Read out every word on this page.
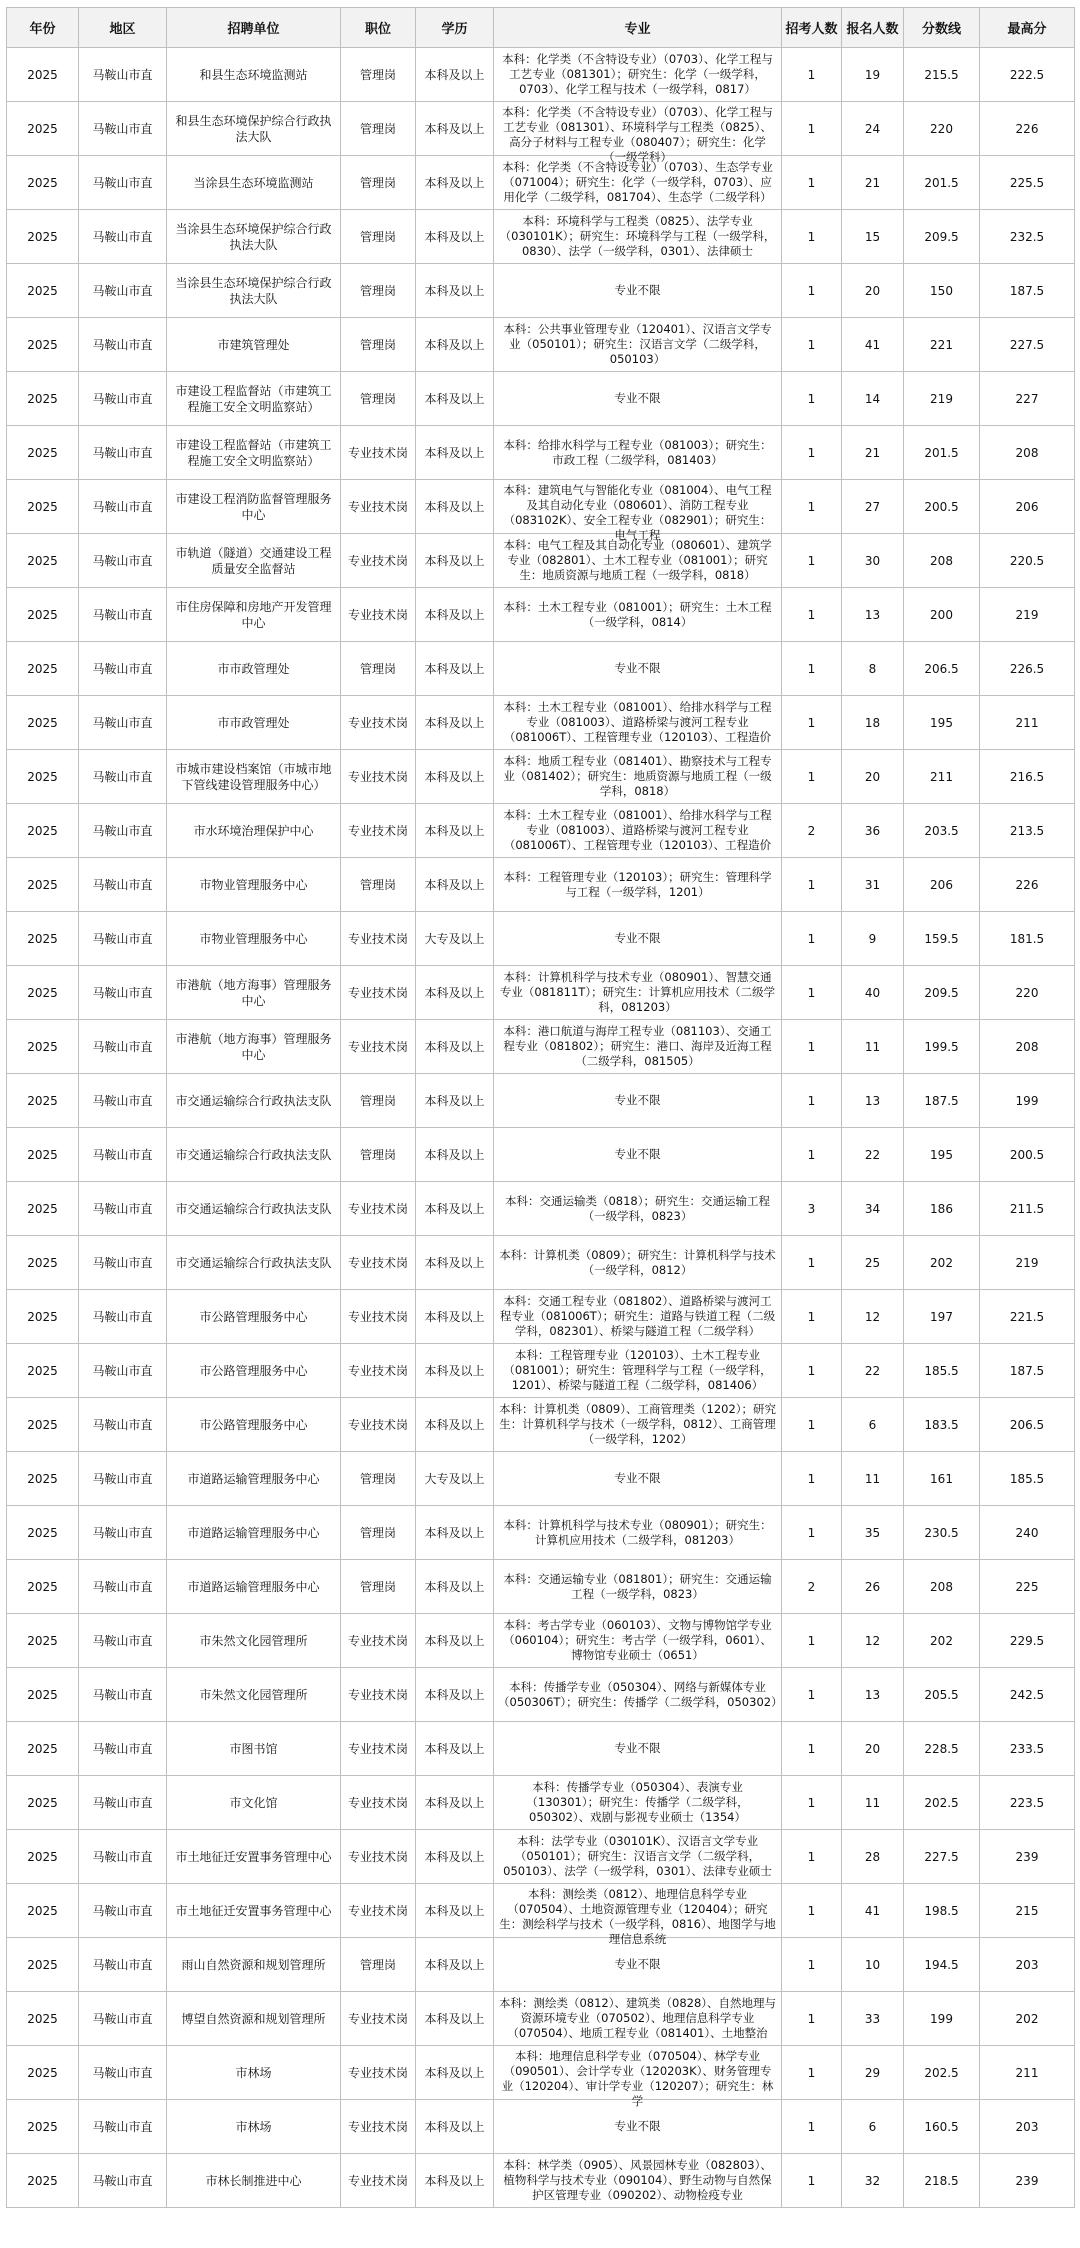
年份	地区	招聘单位	职位	学历	专业	招考人数	报名人数	分数线	最高分
2025	马鞍山市直	和县生态环境监测站	管理岗	本科及以上	本科：化学类（不含特设专业）（0703）、化学工程与工艺专业（081301）；研究生：化学（一级学科，0703）、化学工程与技术（一级学科，0817）	1	19	215.5	222.5
2025	马鞍山市直	和县生态环境保护综合行政执法大队	管理岗	本科及以上	本科：化学类（不含特设专业）（0703）、化学工程与工艺专业（081301）、环境科学与工程类（0825）、高分子材料与工程专业（080407）；研究生：化学（一级学科）	1	24	220	226
2025	马鞍山市直	当涂县生态环境监测站	管理岗	本科及以上	本科：化学类（不含特设专业）（0703）、生态学专业（071004）；研究生：化学（一级学科，0703）、应用化学（二级学科，081704）、生态学（二级学科）	1	21	201.5	225.5
2025	马鞍山市直	当涂县生态环境保护综合行政执法大队	管理岗	本科及以上	本科：环境科学与工程类（0825）、法学专业（030101K）；研究生：环境科学与工程（一级学科，0830）、法学（一级学科，0301）、法律硕士	1	15	209.5	232.5
2025	马鞍山市直	当涂县生态环境保护综合行政执法大队	管理岗	本科及以上	专业不限	1	20	150	187.5
2025	马鞍山市直	市建筑管理处	管理岗	本科及以上	本科：公共事业管理专业（120401）、汉语言文学专业（050101）；研究生：汉语言文学（二级学科，050103）	1	41	221	227.5
2025	马鞍山市直	市建设工程监督站（市建筑工程施工安全文明监察站）	管理岗	本科及以上	专业不限	1	14	219	227
2025	马鞍山市直	市建设工程监督站（市建筑工程施工安全文明监察站）	专业技术岗	本科及以上	本科：给排水科学与工程专业（081003）；研究生：市政工程（二级学科，081403）	1	21	201.5	208
2025	马鞍山市直	市建设工程消防监督管理服务中心	专业技术岗	本科及以上	本科：建筑电气与智能化专业（081004）、电气工程及其自动化专业（080601）、消防工程专业（083102K）、安全工程专业（082901）；研究生：电气工程	1	27	200.5	206
2025	马鞍山市直	市轨道（隧道）交通建设工程质量安全监督站	专业技术岗	本科及以上	本科：电气工程及其自动化专业（080601）、建筑学专业（082801）、土木工程专业（081001）；研究生：地质资源与地质工程（一级学科，0818）	1	30	208	220.5
2025	马鞍山市直	市住房保障和房地产开发管理中心	专业技术岗	本科及以上	本科：土木工程专业（081001）；研究生：土木工程（一级学科，0814）	1	13	200	219
2025	马鞍山市直	市市政管理处	管理岗	本科及以上	专业不限	1	8	206.5	226.5
2025	马鞍山市直	市市政管理处	专业技术岗	本科及以上	本科：土木工程专业（081001）、给排水科学与工程专业（081003）、道路桥梁与渡河工程专业（081006T）、工程管理专业（120103）、工程造价	1	18	195	211
2025	马鞍山市直	市城市建设档案馆（市城市地下管线建设管理服务中心）	专业技术岗	本科及以上	本科：地质工程专业（081401）、勘察技术与工程专业（081402）；研究生：地质资源与地质工程（一级学科，0818）	1	20	211	216.5
2025	马鞍山市直	市水环境治理保护中心	专业技术岗	本科及以上	本科：土木工程专业（081001）、给排水科学与工程专业（081003）、道路桥梁与渡河工程专业（081006T）、工程管理专业（120103）、工程造价	2	36	203.5	213.5
2025	马鞍山市直	市物业管理服务中心	管理岗	本科及以上	本科：工程管理专业（120103）；研究生：管理科学与工程（一级学科，1201）	1	31	206	226
2025	马鞍山市直	市物业管理服务中心	专业技术岗	大专及以上	专业不限	1	9	159.5	181.5
2025	马鞍山市直	市港航（地方海事）管理服务中心	专业技术岗	本科及以上	本科：计算机科学与技术专业（080901）、智慧交通专业（081811T）；研究生：计算机应用技术（二级学科，081203）	1	40	209.5	220
2025	马鞍山市直	市港航（地方海事）管理服务中心	专业技术岗	本科及以上	本科：港口航道与海岸工程专业（081103）、交通工程专业（081802）；研究生：港口、海岸及近海工程（二级学科，081505）	1	11	199.5	208
2025	马鞍山市直	市交通运输综合行政执法支队	管理岗	本科及以上	专业不限	1	13	187.5	199
2025	马鞍山市直	市交通运输综合行政执法支队	管理岗	本科及以上	专业不限	1	22	195	200.5
2025	马鞍山市直	市交通运输综合行政执法支队	专业技术岗	本科及以上	本科：交通运输类（0818）；研究生：交通运输工程（一级学科，0823）	3	34	186	211.5
2025	马鞍山市直	市交通运输综合行政执法支队	专业技术岗	本科及以上	本科：计算机类（0809）；研究生：计算机科学与技术（一级学科，0812）	1	25	202	219
2025	马鞍山市直	市公路管理服务中心	专业技术岗	本科及以上	本科：交通工程专业（081802）、道路桥梁与渡河工程专业（081006T）；研究生：道路与铁道工程（二级学科，082301）、桥梁与隧道工程（二级学科）	1	12	197	221.5
2025	马鞍山市直	市公路管理服务中心	专业技术岗	本科及以上	本科：工程管理专业（120103）、土木工程专业（081001）；研究生：管理科学与工程（一级学科，1201）、桥梁与隧道工程（二级学科，081406）	1	22	185.5	187.5
2025	马鞍山市直	市公路管理服务中心	专业技术岗	本科及以上	本科：计算机类（0809）、工商管理类（1202）；研究生：计算机科学与技术（一级学科，0812）、工商管理（一级学科，1202）	1	6	183.5	206.5
2025	马鞍山市直	市道路运输管理服务中心	管理岗	大专及以上	专业不限	1	11	161	185.5
2025	马鞍山市直	市道路运输管理服务中心	管理岗	本科及以上	本科：计算机科学与技术专业（080901）；研究生：计算机应用技术（二级学科，081203）	1	35	230.5	240
2025	马鞍山市直	市道路运输管理服务中心	管理岗	本科及以上	本科：交通运输专业（081801）；研究生：交通运输工程（一级学科，0823）	2	26	208	225
2025	马鞍山市直	市朱然文化园管理所	专业技术岗	本科及以上	本科：考古学专业（060103）、文物与博物馆学专业（060104）；研究生：考古学（一级学科，0601）、博物馆专业硕士（0651）	1	12	202	229.5
2025	马鞍山市直	市朱然文化园管理所	专业技术岗	本科及以上	本科：传播学专业（050304）、网络与新媒体专业（050306T）；研究生：传播学（二级学科，050302）	1	13	205.5	242.5
2025	马鞍山市直	市图书馆	专业技术岗	本科及以上	专业不限	1	20	228.5	233.5
2025	马鞍山市直	市文化馆	专业技术岗	本科及以上	本科：传播学专业（050304）、表演专业（130301）；研究生：传播学（二级学科，050302）、戏剧与影视专业硕士（1354）	1	11	202.5	223.5
2025	马鞍山市直	市土地征迁安置事务管理中心	专业技术岗	本科及以上	本科：法学专业（030101K）、汉语言文学专业（050101）；研究生：汉语言文学（二级学科，050103）、法学（一级学科，0301）、法律专业硕士	1	28	227.5	239
2025	马鞍山市直	市土地征迁安置事务管理中心	专业技术岗	本科及以上	本科：测绘类（0812）、地理信息科学专业（070504）、土地资源管理专业（120404）；研究生：测绘科学与技术（一级学科，0816）、地图学与地理信息系统	1	41	198.5	215
2025	马鞍山市直	雨山自然资源和规划管理所	管理岗	本科及以上	专业不限	1	10	194.5	203
2025	马鞍山市直	博望自然资源和规划管理所	专业技术岗	本科及以上	本科：测绘类（0812）、建筑类（0828）、自然地理与资源环境专业（070502）、地理信息科学专业（070504）、地质工程专业（081401）、土地整治	1	33	199	202
2025	马鞍山市直	市林场	专业技术岗	本科及以上	本科：地理信息科学专业（070504）、林学专业（090501）、会计学专业（120203K）、财务管理专业（120204）、审计学专业（120207）；研究生：林学	1	29	202.5	211
2025	马鞍山市直	市林场	专业技术岗	本科及以上	专业不限	1	6	160.5	203
2025	马鞍山市直	市林长制推进中心	专业技术岗	本科及以上	本科：林学类（0905）、风景园林专业（082803）、植物科学与技术专业（090104）、野生动物与自然保护区管理专业（090202）、动物检疫专业	1	32	218.5	239
